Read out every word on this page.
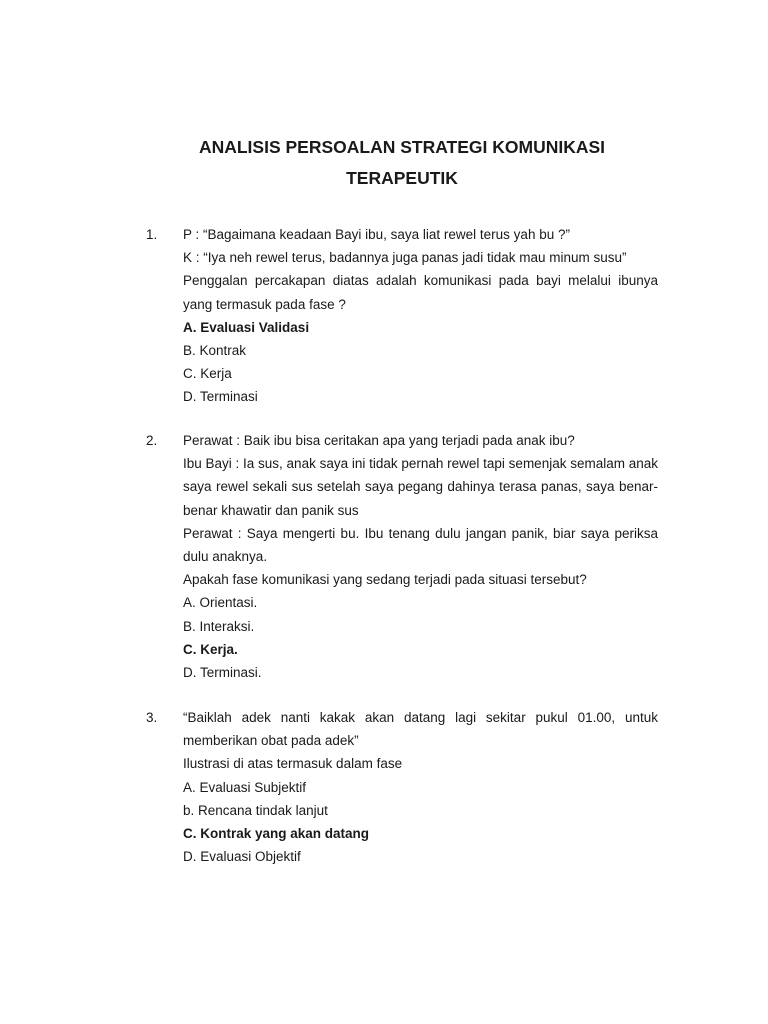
ANALISIS PERSOALAN STRATEGI KOMUNIKASI
TERAPEUTIK
1. P : “Bagaimana keadaan Bayi ibu, saya liat rewel terus yah bu ?”
K : “Iya neh rewel terus, badannya juga panas jadi tidak mau minum susu”
Penggalan percakapan diatas adalah komunikasi pada bayi melalui ibunya yang termasuk pada fase ?
A. Evaluasi Validasi
B. Kontrak
C. Kerja
D. Terminasi
2. Perawat : Baik ibu bisa ceritakan apa yang terjadi pada anak ibu?
Ibu Bayi : Ia sus, anak saya ini tidak pernah rewel tapi semenjak semalam anak saya rewel sekali sus setelah saya pegang dahinya terasa panas, saya benar-benar khawatir dan panik sus
Perawat : Saya mengerti bu. Ibu tenang dulu jangan panik, biar saya periksa dulu anaknya.
Apakah fase komunikasi yang sedang terjadi pada situasi tersebut?
A. Orientasi.
B. Interaksi.
C. Kerja.
D. Terminasi.
3. “Baiklah adek nanti kakak akan datang lagi sekitar pukul 01.00, untuk memberikan obat pada adek”
Ilustrasi di atas termasuk dalam fase
A. Evaluasi Subjektif
b. Rencana tindak lanjut
C. Kontrak yang akan datang
D. Evaluasi Objektif
